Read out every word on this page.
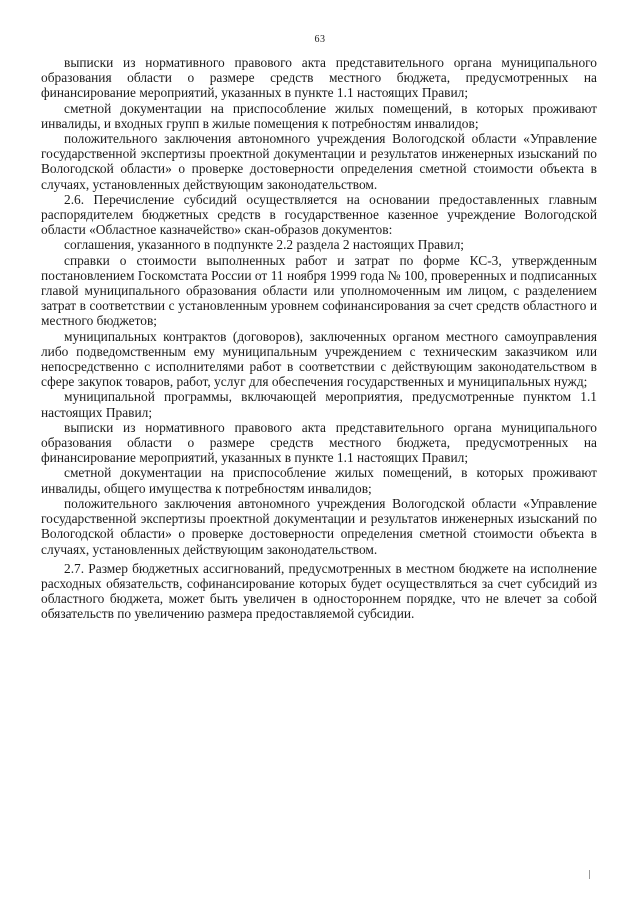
63

выписки из нормативного правового акта представительного органа муниципального образования области о размере средств местного бюджета, предусмотренных на финансирование мероприятий, указанных в пункте 1.1 настоящих Правил;

сметной документации на приспособление жилых помещений, в которых проживают инвалиды, и входных групп в жилые помещения к потребностям инвалидов;

положительного заключения автономного учреждения Вологодской области «Управление государственной экспертизы проектной документации и результатов инженерных изысканий по Вологодской области» о проверке достоверности определения сметной стоимости объекта в случаях, установленных действующим законодательством.

2.6. Перечисление субсидий осуществляется на основании предоставленных главным распорядителем бюджетных средств в государственное казенное учреждение Вологодской области «Областное казначейство» скан-образов документов:

соглашения, указанного в подпункте 2.2 раздела 2 настоящих Правил;

справки о стоимости выполненных работ и затрат по форме КС-3, утвержденным постановлением Госкомстата России от 11 ноября 1999 года № 100, проверенных и подписанных главой муниципального образования области или уполномоченным им лицом, с разделением затрат в соответствии с установленным уровнем софинансирования за счет средств областного и местного бюджетов;

муниципальных контрактов (договоров), заключенных органом местного самоуправления либо подведомственным ему муниципальным учреждением с техническим заказчиком или непосредственно с исполнителями работ в соответствии с действующим законодательством в сфере закупок товаров, работ, услуг для обеспечения государственных и муниципальных нужд;

муниципальной программы, включающей мероприятия, предусмотренные пунктом 1.1 настоящих Правил;

выписки из нормативного правового акта представительного органа муниципального образования области о размере средств местного бюджета, предусмотренных на финансирование мероприятий, указанных в пункте 1.1 настоящих Правил;

сметной документации на приспособление жилых помещений, в которых проживают инвалиды, общего имущества к потребностям инвалидов;

положительного заключения автономного учреждения Вологодской области «Управление государственной экспертизы проектной документации и результатов инженерных изысканий по Вологодской области» о проверке достоверности определения сметной стоимости объекта в случаях, установленных действующим законодательством.

2.7. Размер бюджетных ассигнований, предусмотренных в местном бюджете на исполнение расходных обязательств, софинансирование которых будет осуществляться за счет субсидий из областного бюджета, может быть увеличен в одностороннем порядке, что не влечет за собой обязательств по увеличению размера предоставляемой субсидии.
